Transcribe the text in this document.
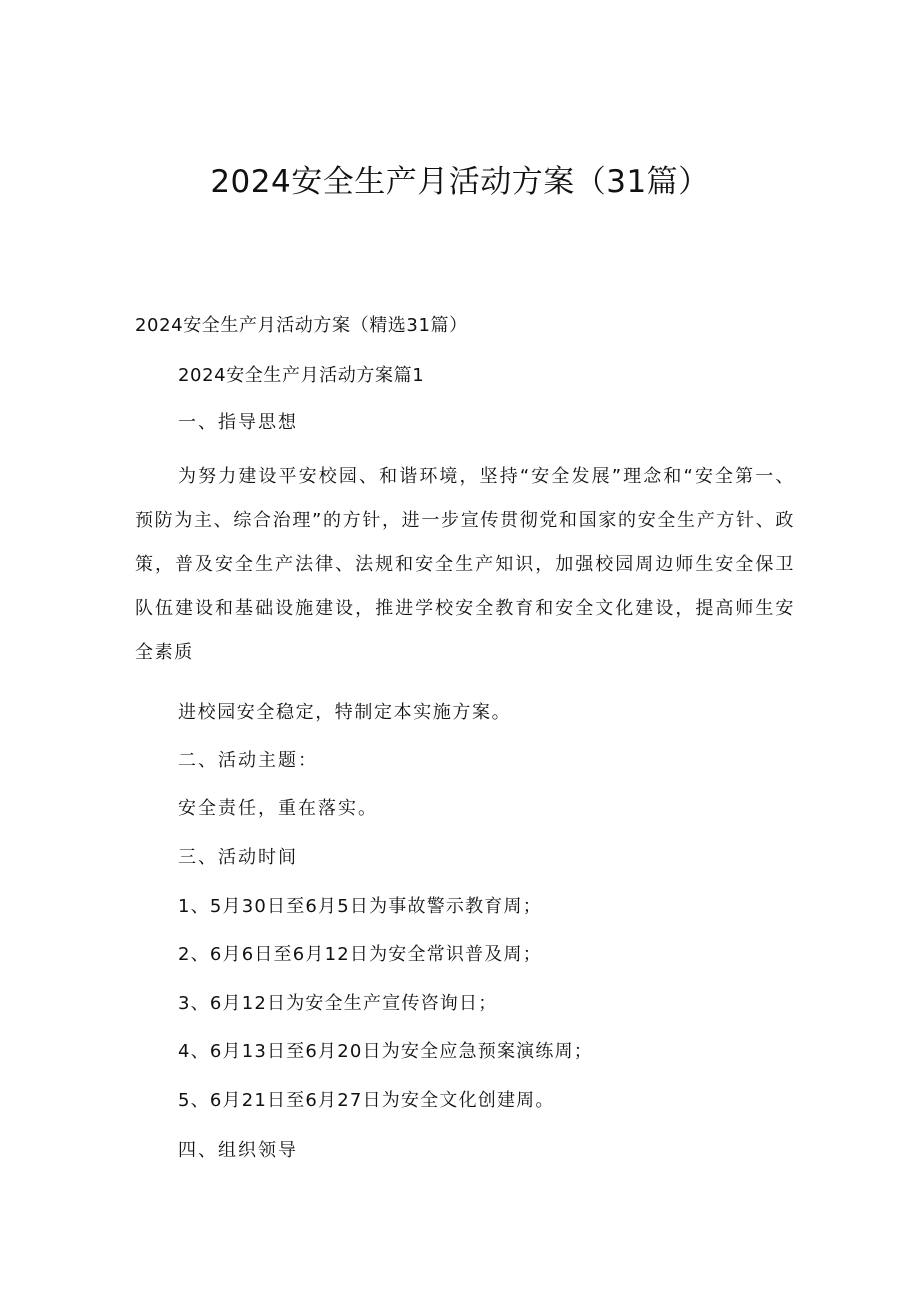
2024安全生产月活动方案（31篇）
2024安全生产月活动方案（精选31篇）
2024安全生产月活动方案篇1
一、指导思想

为努力建设平安校园、和谐环境，坚持“安全发展”理念和“安全第一、预防为主、综合治理”的方针，进一步宣传贯彻党和国家的安全生产方针、政策，普及安全生产法律、法规和安全生产知识，加强校园周边师生安全保卫队伍建设和基础设施建设，推进学校安全教育和安全文化建设，提高师生安全素质

进校园安全稳定，特制定本实施方案。
二、活动主题：
安全责任，重在落实。
三、活动时间
1、5月30日至6月5日为事故警示教育周；
2、6月6日至6月12日为安全常识普及周；
3、6月12日为安全生产宣传咨询日；
4、6月13日至6月20日为安全应急预案演练周；
5、6月21日至6月27日为安全文化创建周。
四、组织领导
